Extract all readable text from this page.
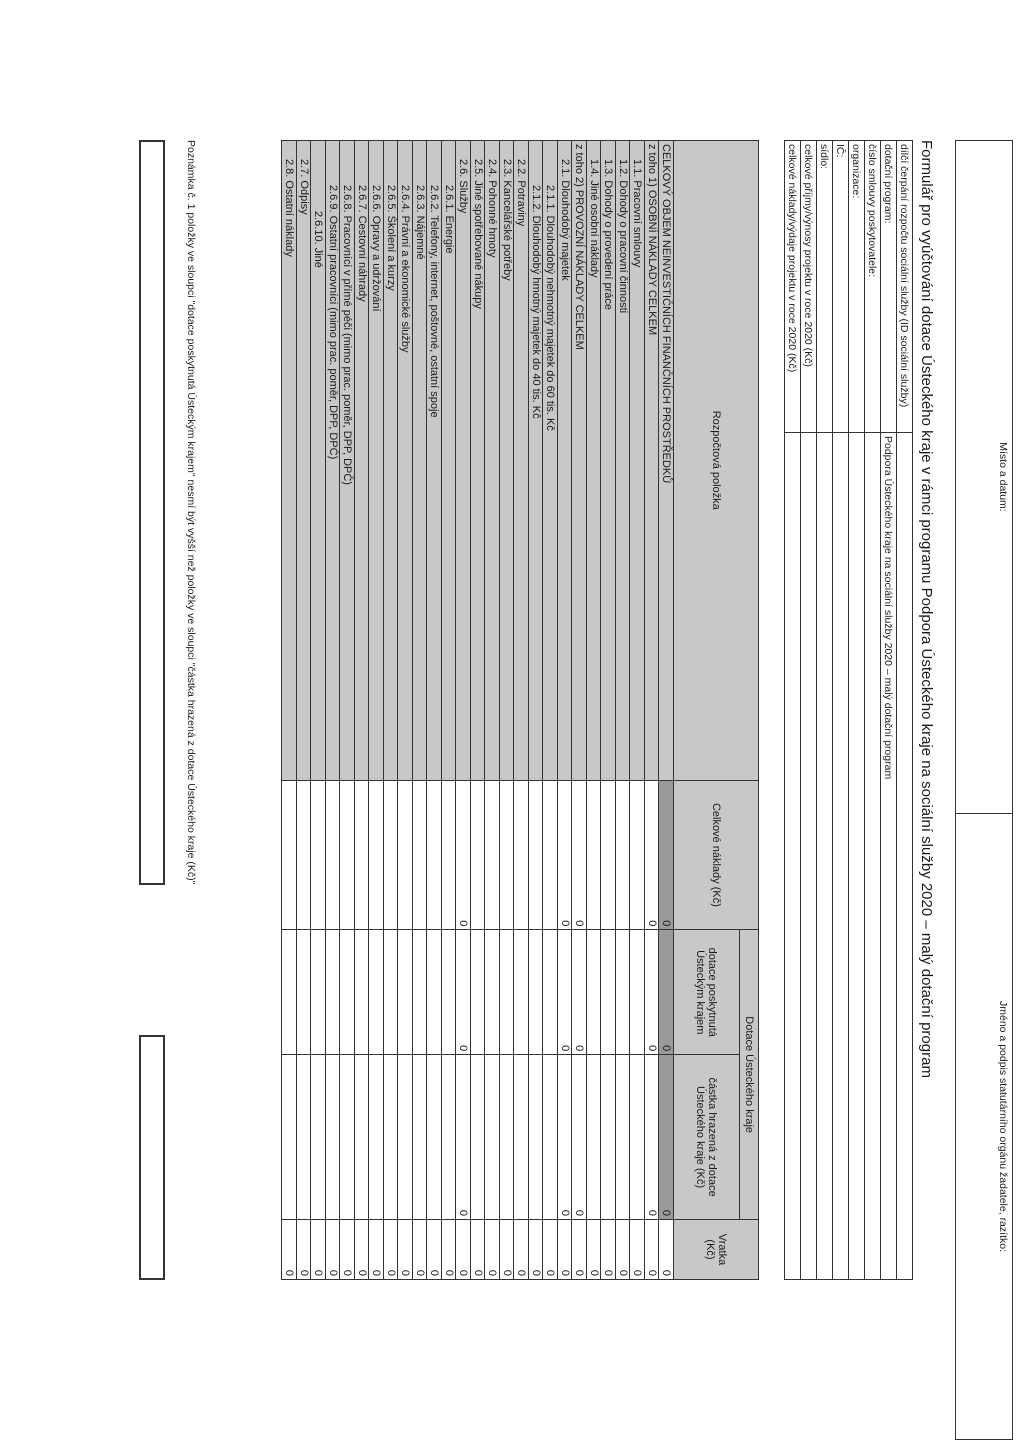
Formulář pro vyúčtování dotace Ústeckého kraje v rámci programu Podpora Ústeckého kraje na sociální služby 2020 – malý dotační program
dílčí čerpání rozpočtu sociální služby (ID sociální služby)	
dotační program:	Podpora Ústeckého kraje na sociální služby 2020 – malý dotační program
číslo smlouvy poskytovatele:	
organizace:	
IČ:	
sídlo:	
celkové příjmy/výnosy projektu v roce 2020 (Kč)	
celkové náklady/výdaje projektu v roce 2020 (Kč)	
Rozpočtová položka	Celkové náklady (Kč)	Dotace Ústeckého kraje		Vratka (Kč)
		dotace poskytnutá Ústeckým krajem	částka hrazená z dotace Ústeckého kraje (Kč)	
CELKOVÝ OBJEM NEINVESTIČNÍCH FINANČNÍCH PROSTŘEDKŮ	0	0	0	0
z toho 1) OSOBNÍ NÁKLADY CELKEM	0	0	0	0
1.1. Pracovní smlouvy				0
1.2. Dohody o pracovní činnosti				0
1.3. Dohody o provedení práce				0
1.4. Jiné osobní náklady				0
z toho 2) PROVOZNÍ NÁKLADY CELKEM	0	0	0	0
2.1. Dlouhodobý majetek	0	0	0	0
2.1.1. Dlouhodobý nehmotný majetek do 60 tis. Kč				0
2.1.2. Dlouhodobý hmotný majetek do 40 tis. Kč				0
2.2. Potraviny				0
2.3. Kancelářské potřeby				0
2.4. Pohonné hmoty				0
2.5. Jiné spotřebované nákupy				0
2.6. Služby	0	0	0	0
2.6.1. Energie				0
2.6.2. Telefony, internet, poštovné, ostatní spoje				0
2.6.3. Nájemné				0
2.6.4. Právní a ekonomické služby				0
2.6.5. Školení a kurzy				0
2.6.6. Opravy a udržování				0
2.6.7. Cestovní náhrady				0
2.6.8. Pracovníci v přímé péči (mimo prac. poměr, DPP, DPČ)				0
2.6.9. Ostatní pracovníci (mimo prac. poměr, DPP, DPČ)				0
2.6.10. Jiné				0
2.7. Odpisy				0
2.8. Ostatní náklady				0
Poznámka č. 1 položky ve sloupci "dotace poskytnutá Ústeckým krajem" nesmí být vyšší než položky ve sloupci "částka hrazená z dotace Ústeckého kraje (Kč)"	Místo a datum:	Jméno a podpis statutárního orgánu žadatele, razítko:
